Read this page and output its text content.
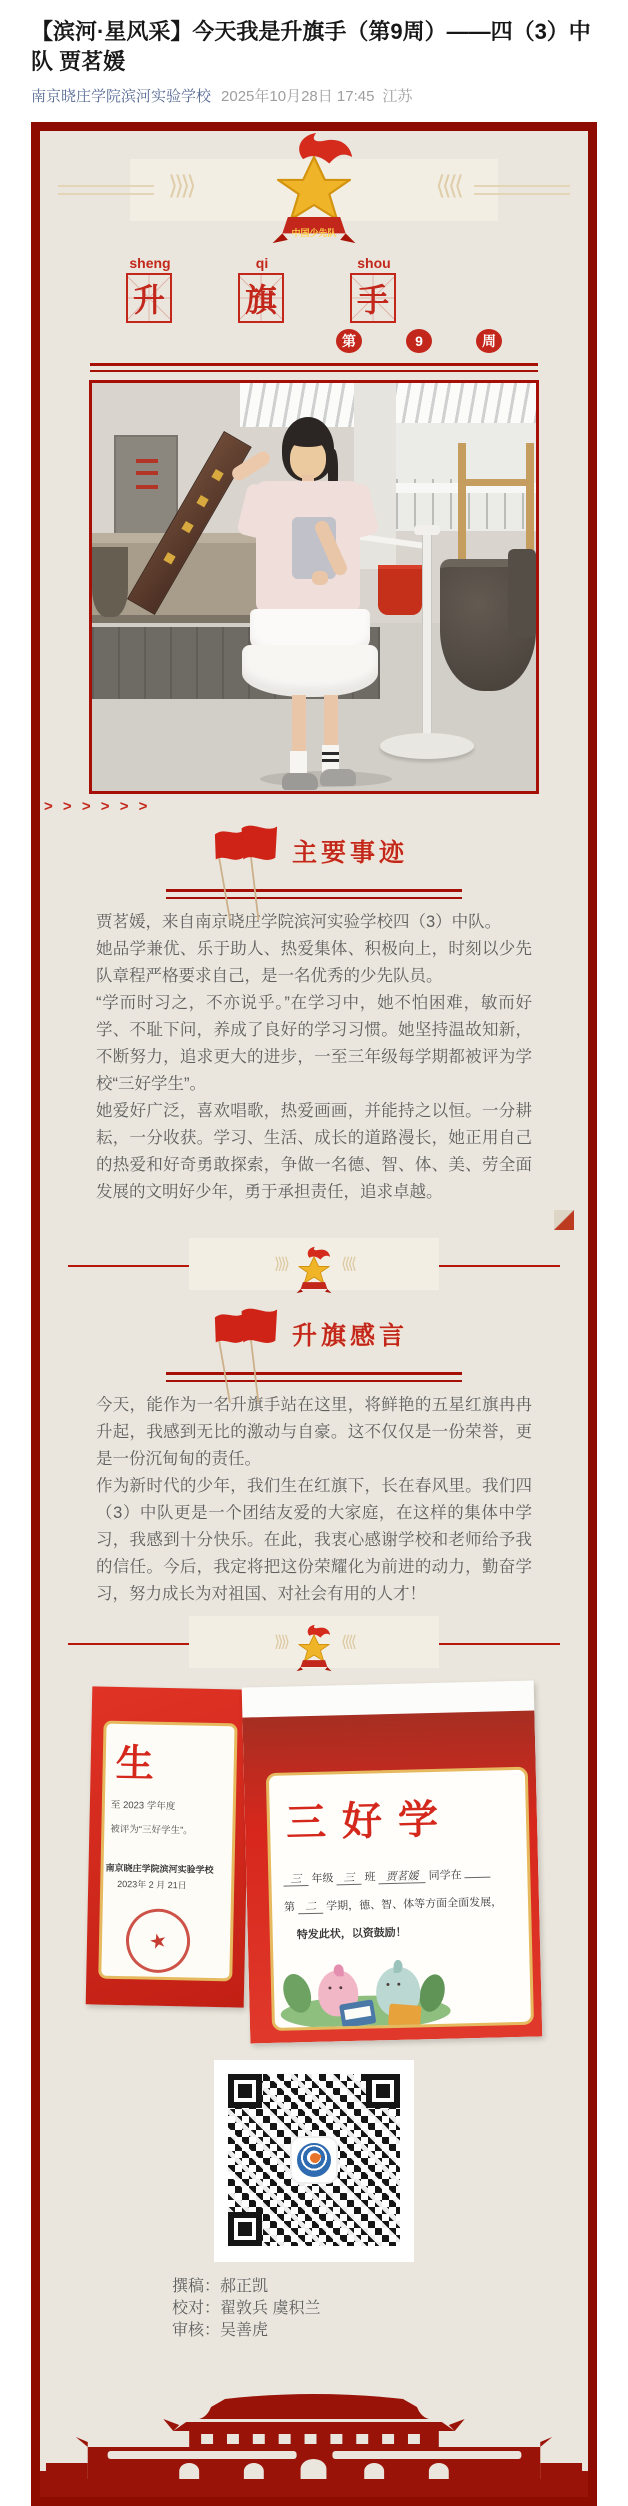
【滨河·星风采】今天我是升旗手（第9周）——四（3）中队 贾茗媛
南京晓庄学院滨河实验学校 2025年10月28日 17:45 江苏
⟩⟩⟩⟩	⟨⟨⟨⟨
中国少先队
sheng
升
qi
旗
shou
手
第	9	周
> > > > > >
主要事迹

贾茗媛，来自南京晓庄学院滨河实验学校四（3）中队。

她品学兼优、乐于助人、热爱集体、积极向上，时刻以少先队章程严格要求自己，是一名优秀的少先队员。

“学而时习之，不亦说乎。”在学习中，她不怕困难，敏而好学、不耻下问，养成了良好的学习习惯。她坚持温故知新，不断努力，追求更大的进步，一至三年级每学期都被评为学校“三好学生”。

她爱好广泛，喜欢唱歌，热爱画画，并能持之以恒。一分耕耘，一分收获。学习、生活、成长的道路漫长，她正用自己的热爱和好奇勇敢探索，争做一名德、智、体、美、劳全面发展的文明好少年，勇于承担责任，追求卓越。

⟩⟩⟩⟩	⟨⟨⟨⟨
升旗感言

今天，能作为一名升旗手站在这里，将鲜艳的五星红旗冉冉升起，我感到无比的激动与自豪。这不仅仅是一份荣誉，更是一份沉甸甸的责任。

作为新时代的少年，我们生在红旗下，长在春风里。我们四（3）中队更是一个团结友爱的大家庭，在这样的集体中学习，我感到十分快乐。在此，我衷心感谢学校和老师给予我的信任。今后，我定将把这份荣耀化为前进的动力，勤奋学习，努力成长为对祖国、对社会有用的人才！

⟩⟩⟩⟩	⟨⟨⟨⟨
生
至 2023 学年度
被评为“三好学生”。
南京晓庄学院滨河实验学校
2023年 2 月 21日
★
三好学
三 年级 三 班 贾茗媛 同学在
第 二 学期，德、智、体等方面全面发展，
特发此状，以资鼓励！
• •
• •

撰稿：郝正凯

校对：翟敦兵 虞积兰

审核：吴善虎
